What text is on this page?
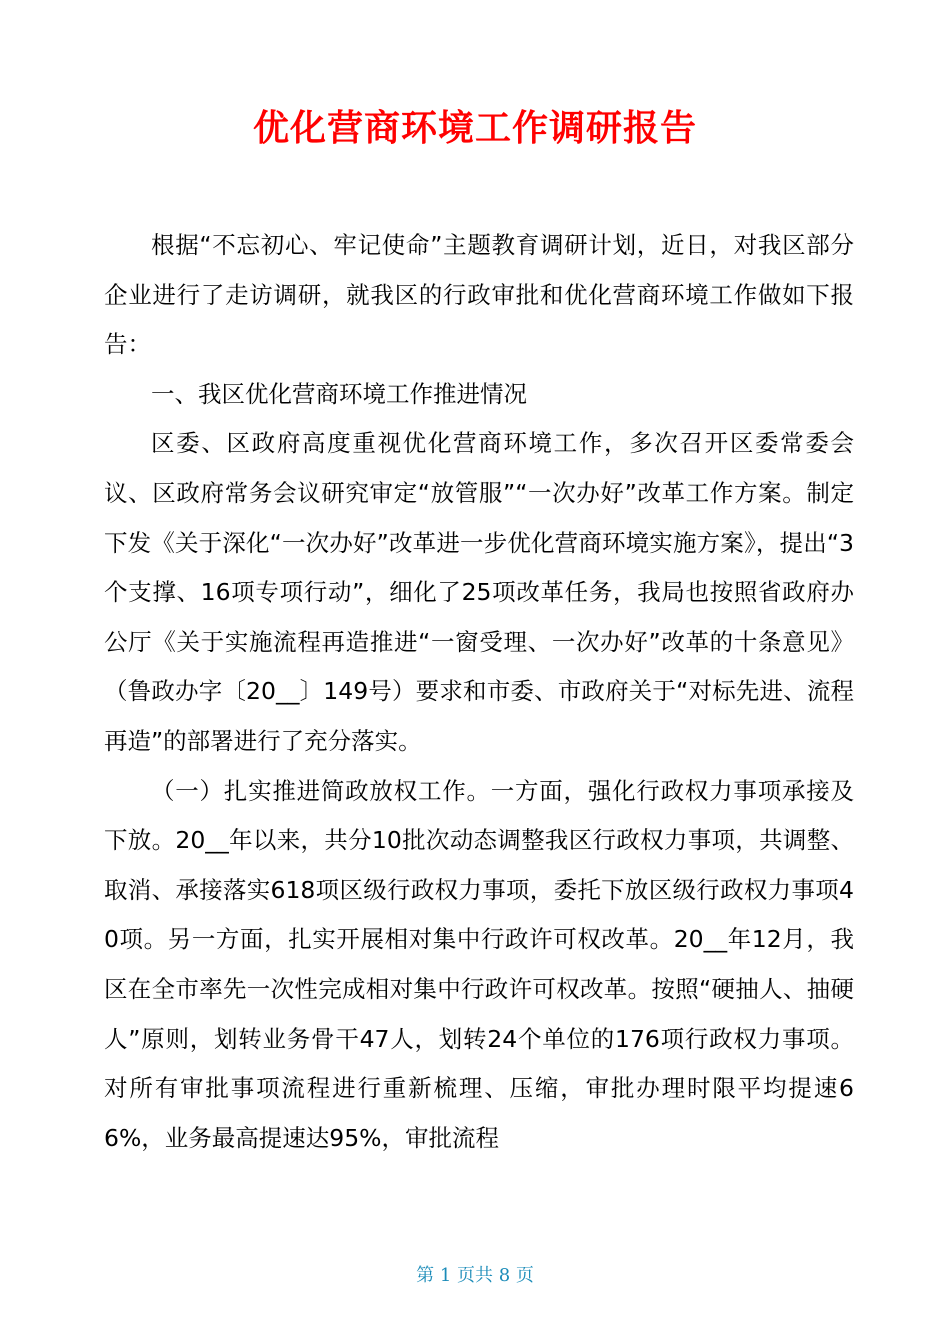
优化营商环境工作调研报告

根据“不忘初心、牢记使命”主题教育调研计划，近日，对我区部分企业进行了走访调研，就我区的行政审批和优化营商环境工作做如下报告：

一、我区优化营商环境工作推进情况

区委、区政府高度重视优化营商环境工作，多次召开区委常委会议、区政府常务会议研究审定“放管服”“一次办好”改革工作方案。制定下发《关于深化“一次办好”改革进一步优化营商环境实施方案》，提出“3个支撑、16项专项行动”，细化了25项改革任务，我局也按照省政府办公厅《关于实施流程再造推进“一窗受理、一次办好”改革的十条意见》（鲁政办字〔20__〕149号）要求和市委、市政府关于“对标先进、流程再造”的部署进行了充分落实。

（一）扎实推进简政放权工作。一方面，强化行政权力事项承接及下放。20__年以来，共分10批次动态调整我区行政权力事项，共调整、取消、承接落实618项区级行政权力事项，委托下放区级行政权力事项40项。另一方面，扎实开展相对集中行政许可权改革。20__年12月，我区在全市率先一次性完成相对集中行政许可权改革。按照“硬抽人、抽硬人”原则，划转业务骨干47人，划转24个单位的176项行政权力事项。对所有审批事项流程进行重新梳理、压缩，审批办理时限平均提速66%，业务最高提速达95%，审批流程

第 1 页共 8 页
